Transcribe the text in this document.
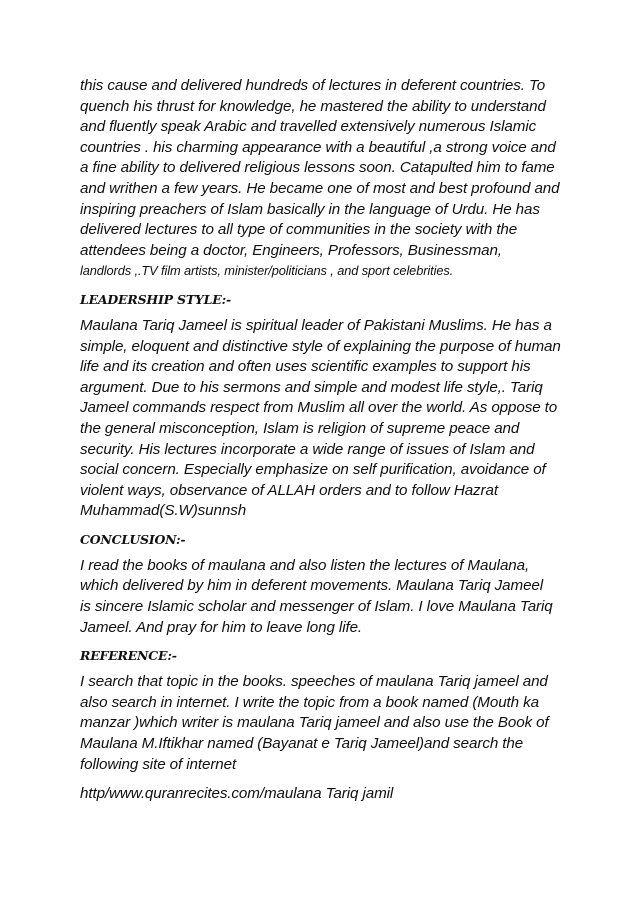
this cause and delivered hundreds of lectures in deferent countries. To
quench his thrust for knowledge, he mastered the ability to understand
and fluently speak Arabic and travelled extensively numerous Islamic
countries . his charming appearance with a beautiful ,a strong voice and
a fine ability to delivered religious lessons soon. Catapulted him to fame
and writhen a few years. He became one of most and best profound and
inspiring preachers of Islam basically in the language of Urdu. He has
delivered lectures to all type of communities in the society with the
attendees being a doctor, Engineers, Professors, Businessman,
landlords ,.TV film artists, minister/politicians , and sport celebrities.

LEADERSHIP STYLE:-

Maulana Tariq Jameel is spiritual leader of Pakistani Muslims. He has a
simple, eloquent and distinctive style of explaining the purpose of human
life and its creation and often uses scientific examples to support his
argument. Due to his sermons and simple and modest life style,. Tariq
Jameel commands respect from Muslim all over the world. As oppose to
the general misconception, Islam is religion of supreme peace and
security. His lectures incorporate a wide range of issues of Islam and
social concern. Especially emphasize on self purification, avoidance of
violent ways, observance of ALLAH orders and to follow Hazrat
Muhammad(S.W)sunnsh

CONCLUSION:-

I read the books of maulana and also listen the lectures of Maulana,
which delivered by him in deferent movements. Maulana Tariq Jameel
is sincere Islamic scholar and messenger of Islam. I love Maulana Tariq
Jameel. And pray for him to leave long life.

REFERENCE:-

I search that topic in the books. speeches of maulana Tariq jameel and
also search in internet. I write the topic from a book named (Mouth ka
manzar )which writer is maulana Tariq jameel and also use the Book of
Maulana M.Iftikhar named (Bayanat e Tariq Jameel)and search the
following site of internet

http/www.quranrecites.com/maulana Tariq jamil
